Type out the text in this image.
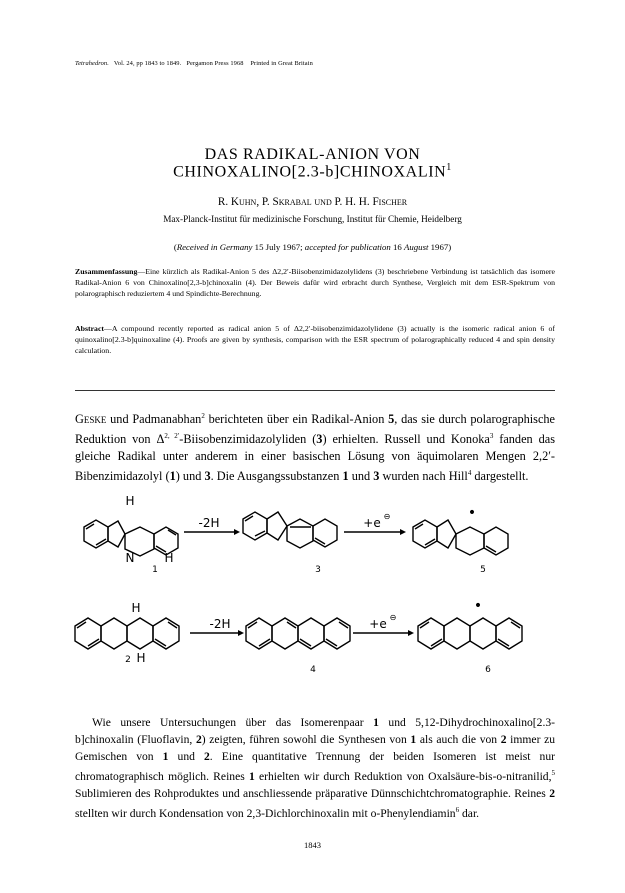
Tetrahedron. Vol. 24, pp 1843 to 1849. Pergamon Press 1968 Printed in Great Britain
DAS RADIKAL-ANION VON
CHINOXALINO[2.3-b]CHINOXALIN$^1$
R. Kuhn, P. Skrabal und P. H. H. Fischer
Max-Planck-Institut für medizinische Forschung, Institut für Chemie, Heidelberg
(Received in Germany 15 July 1967; accepted for publication 16 August 1967)
Zusammenfassung—Eine kürzlich als Radikal-Anion 5 des Δ2,2′-Biisobenzimidazolylidens (3) beschriebene Verbindung ist tatsächlich das isomere Radikal-Anion 6 von Chinoxalino[2,3-b]chinoxalin (4). Der Beweis dafür wird erbracht durch Synthese, Vergleich mit dem ESR-Spektrum von polarographisch reduziertem 4 und Spindichte-Berechnung.
Abstract—A compound recently reported as radical anion 5 of Δ2,2′-biisobenzimidazolylidene (3) actually is the isomeric radical anion 6 of quinoxalino[2.3-b]quinoxaline (4). Proofs are given by synthesis, comparison with the ESR spectrum of polarographically reduced 4 and spin density calculation.
Geske und Padmanabhan$^2$ berichteten über ein Radikal-Anion 5, das sie durch polarographische Reduktion von $\Delta^{2, 2'}$-Biisobenzimidazolyliden (3) erhielten. Russell und Konoka$^3$ fanden das gleiche Radikal unter anderem in einer basischen Lösung von äquimolaren Mengen 2,2′-Bibenzimidazolyl (1) und 3. Die Ausgangssubstanzen 1 und 3 wurden nach Hill$^4$ dargestellt.
H
N H
-2H	+e ⊖	•
1	3	5
H
H
2
-2H	+e ⊖
•
4	6
Wie unsere Untersuchungen über das Isomerenpaar 1 und 5,12-Dihydrochinoxalino[2.3-b]chinoxalin (Fluoflavin, 2) zeigten, führen sowohl die Synthesen von 1 als auch die von 2 immer zu Gemischen von 1 und 2. Eine quantitative Trennung der beiden Isomeren ist meist nur chromatographisch möglich. Reines 1 erhielten wir durch Reduktion von Oxalsäure-bis-o-nitranilid,$^5$ Sublimieren des Rohproduktes und anschliessende präparative Dünnschichtchromatographie. Reines 2 stellten wir durch Kondensation von 2,3-Dichlorchinoxalin mit o-Phenylendiamin$^6$ dar.
1843
